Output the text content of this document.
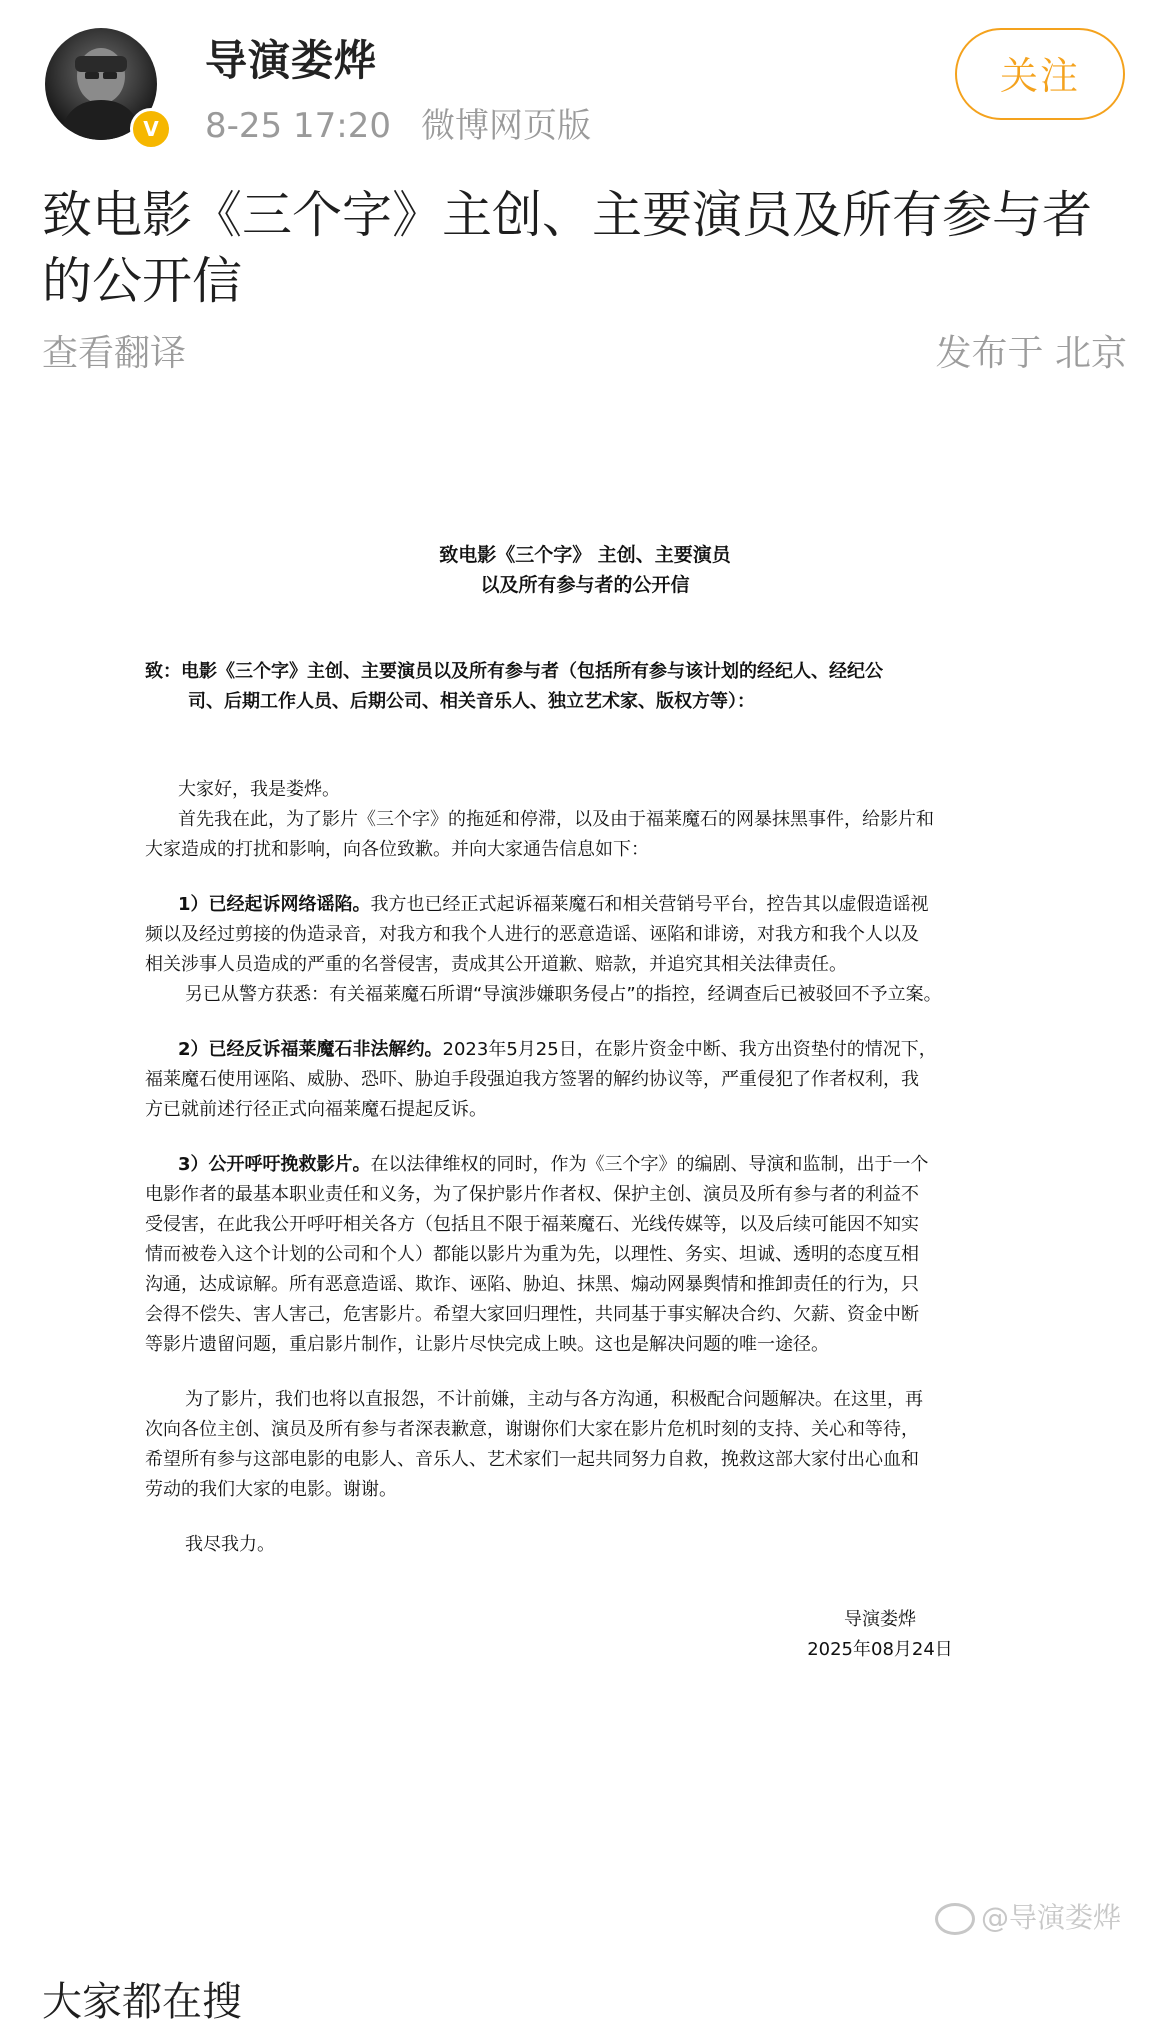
V
导演娄烨
8-25 17:20 微博网页版
关注
致电影《三个字》主创、主要演员及所有参与者的公开信
查看翻译	发布于 北京
致电影《三个字》 主创、主要演员
以及所有参与者的公开信
致：电影《三个字》主创、主要演员以及所有参与者（包括所有参与该计划的经纪人、经纪公
司、后期工作人员、后期公司、相关音乐人、独立艺术家、版权方等）：
大家好，我是娄烨。
首先我在此，为了影片《三个字》的拖延和停滞，以及由于福莱魔石的网暴抹黑事件，给影片和
大家造成的打扰和影响，向各位致歉。并向大家通告信息如下：
1）已经起诉网络谣陷。我方也已经正式起诉福莱魔石和相关营销号平台，控告其以虚假造谣视
频以及经过剪接的伪造录音，对我方和我个人进行的恶意造谣、诬陷和诽谤，对我方和我个人以及
相关涉事人员造成的严重的名誉侵害，责成其公开道歉、赔款，并追究其相关法律责任。
另已从警方获悉：有关福莱魔石所谓“导演涉嫌职务侵占”的指控，经调查后已被驳回不予立案。
2）已经反诉福莱魔石非法解约。2023年5月25日，在影片资金中断、我方出资垫付的情况下，
福莱魔石使用诬陷、威胁、恐吓、胁迫手段强迫我方签署的解约协议等，严重侵犯了作者权利，我
方已就前述行径正式向福莱魔石提起反诉。
3）公开呼吁挽救影片。在以法律维权的同时，作为《三个字》的编剧、导演和监制，出于一个
电影作者的最基本职业责任和义务，为了保护影片作者权、保护主创、演员及所有参与者的利益不
受侵害，在此我公开呼吁相关各方（包括且不限于福莱魔石、光线传媒等，以及后续可能因不知实
情而被卷入这个计划的公司和个人）都能以影片为重为先，以理性、务实、坦诚、透明的态度互相
沟通，达成谅解。所有恶意造谣、欺诈、诬陷、胁迫、抹黑、煽动网暴舆情和推卸责任的行为，只
会得不偿失、害人害己，危害影片。希望大家回归理性，共同基于事实解决合约、欠薪、资金中断
等影片遗留问题，重启影片制作，让影片尽快完成上映。这也是解决问题的唯一途径。
为了影片，我们也将以直报怨，不计前嫌，主动与各方沟通，积极配合问题解决。在这里，再
次向各位主创、演员及所有参与者深表歉意，谢谢你们大家在影片危机时刻的支持、关心和等待，
希望所有参与这部电影的电影人、音乐人、艺术家们一起共同努力自救，挽救这部大家付出心血和
劳动的我们大家的电影。谢谢。
我尽我力。
导演娄烨
2025年08月24日
@导演娄烨
大家都在搜
